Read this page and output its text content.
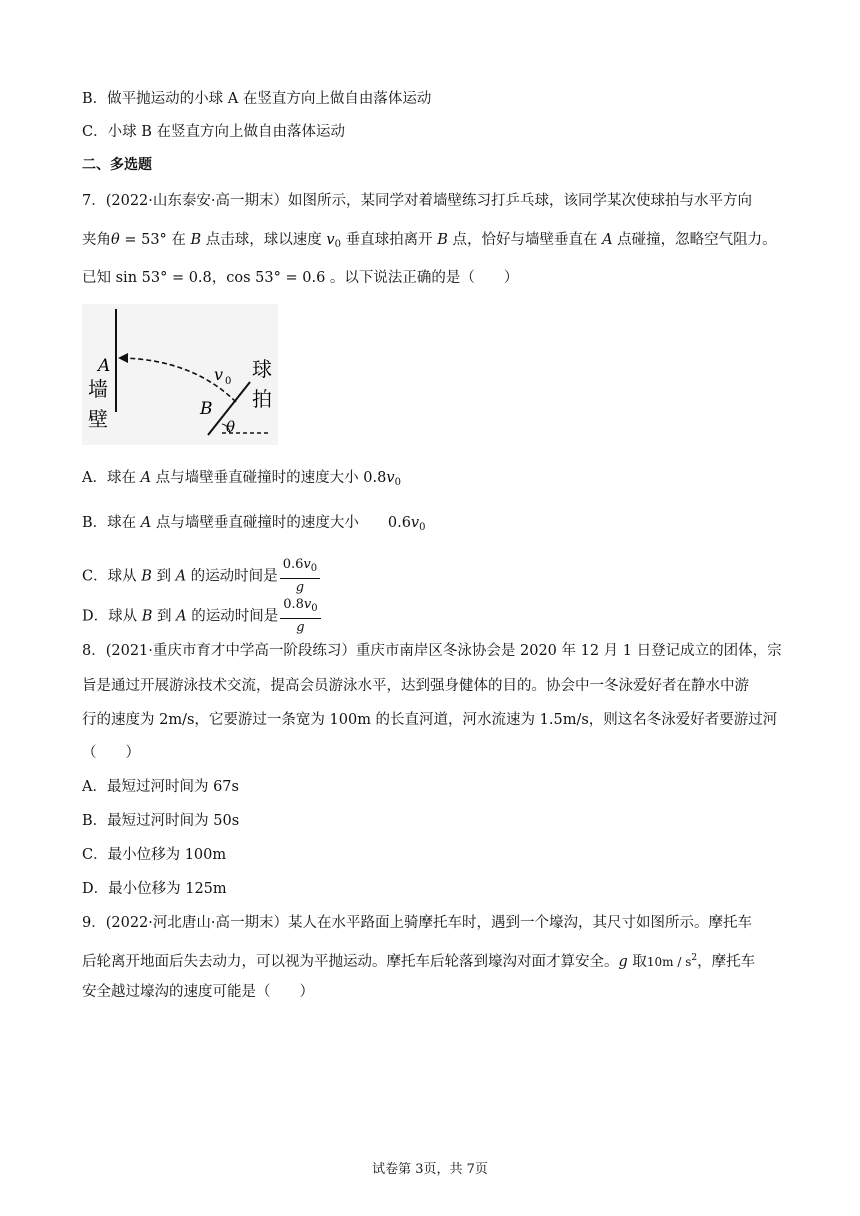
B．做平抛运动的小球 A 在竖直方向上做自由落体运动
C．小球 B 在竖直方向上做自由落体运动
二、多选题
7．(2022·山东泰安·高一期末）如图所示，某同学对着墙壁练习打乒乓球，该同学某次使球拍与水平方向
夹角θ = 53° 在 B 点击球，球以速度 $v_0$ 垂直球拍离开 B 点，恰好与墙壁垂直在 A 点碰撞，忽略空气阻力。
已知 sin 53° = 0.8，cos 53° = 0.6 。以下说法正确的是（　　）
A	v 0
B
θ
墙
壁
球
拍
A．球在 A 点与墙壁垂直碰撞时的速度大小 $0.8v_0$
B．球在 A 点与墙壁垂直碰撞时的速度大小　　$0.6v_0$
C．球从 B 到 A 的运动时间是 $\frac{0.6v_0}{g}$
D．球从 B 到 A 的运动时间是 $\frac{0.8v_0}{g}$
8．(2021·重庆市育才中学高一阶段练习）重庆市南岸区冬泳协会是 2020 年 12 月 1 日登记成立的团体，宗
旨是通过开展游泳技术交流，提高会员游泳水平，达到强身健体的目的。协会中一冬泳爱好者在静水中游
行的速度为 2m/s，它要游过一条宽为 100m 的长直河道，河水流速为 1.5m/s，则这名冬泳爱好者要游过河
（　　）
A．最短过河时间为 67s
B．最短过河时间为 50s
C．最小位移为 100m
D．最小位移为 125m
9．(2022·河北唐山·高一期末）某人在水平路面上骑摩托车时，遇到一个壕沟，其尺寸如图所示。摩托车
后轮离开地面后失去动力，可以视为平抛运动。摩托车后轮落到壕沟对面才算安全。g 取$10m / s^2$，摩托车
安全越过壕沟的速度可能是（　　）
试卷第 3页，共 7页
